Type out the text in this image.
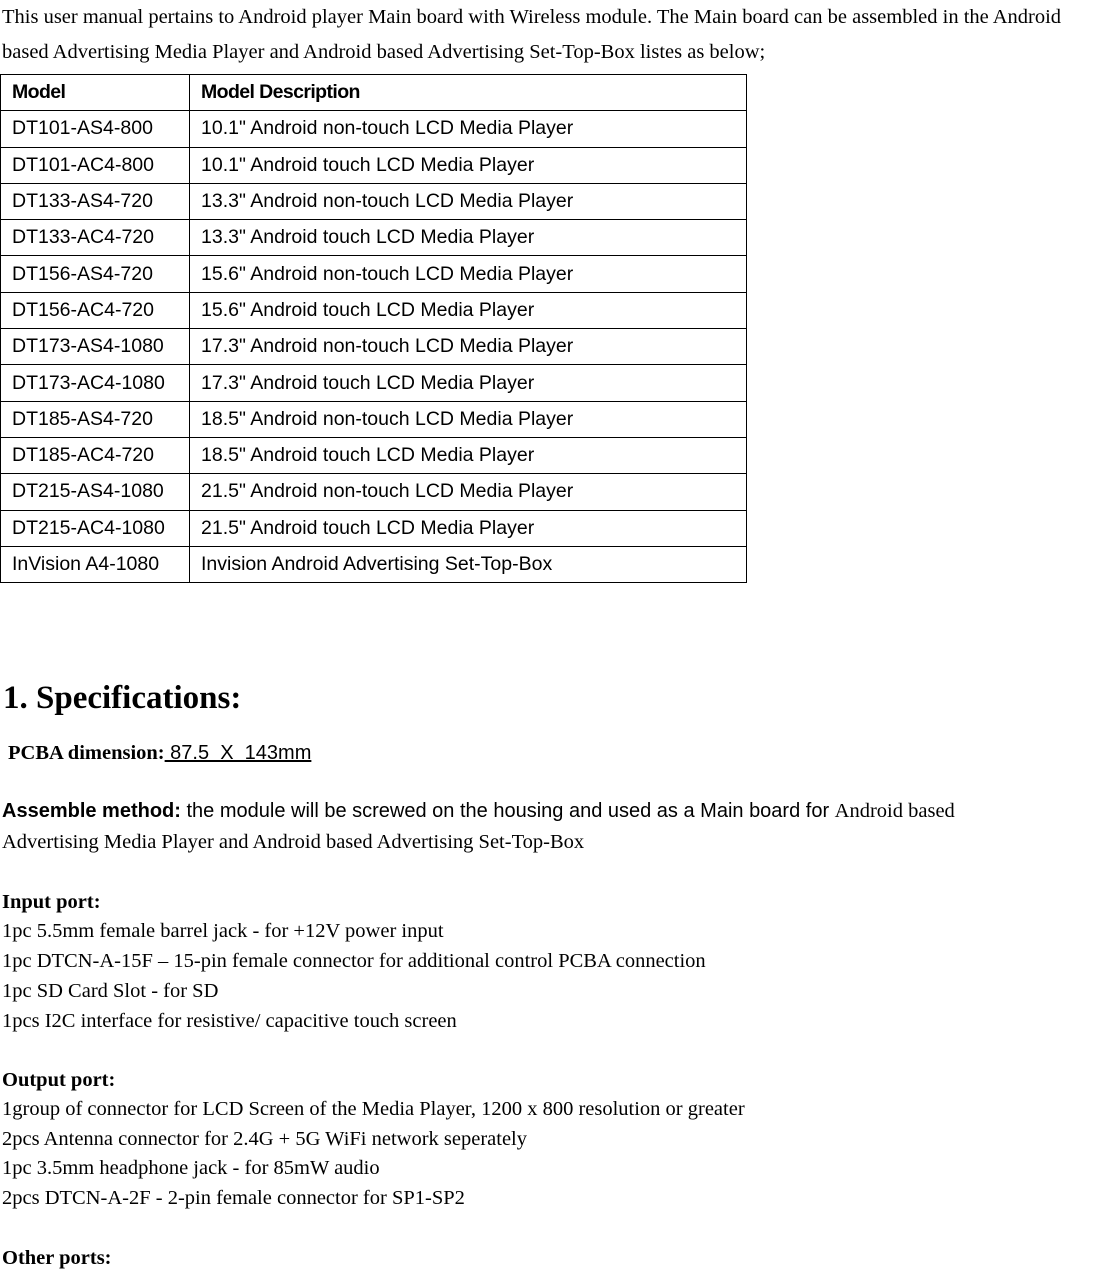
This user manual pertains to Android player Main board with Wireless module. The Main board can be assembled in the Android based Advertising Media Player and Android based Advertising Set-Top-Box listes as below;
Model	Model Description
DT101-AS4-800	10.1" Android non-touch LCD Media Player
DT101-AC4-800	10.1" Android touch LCD Media Player
DT133-AS4-720	13.3" Android non-touch LCD Media Player
DT133-AC4-720	13.3" Android touch LCD Media Player
DT156-AS4-720	15.6" Android non-touch LCD Media Player
DT156-AC4-720	15.6" Android touch LCD Media Player
DT173-AS4-1080	17.3" Android non-touch LCD Media Player
DT173-AC4-1080	17.3" Android touch LCD Media Player
DT185-AS4-720	18.5" Android non-touch LCD Media Player
DT185-AC4-720	18.5" Android touch LCD Media Player
DT215-AS4-1080	21.5" Android non-touch LCD Media Player
DT215-AC4-1080	21.5" Android touch LCD Media Player
InVision A4-1080	Invision Android Advertising Set-Top-Box
1. Specifications:
PCBA dimension: 87.5  X  143mm
Assemble method: the module will be screwed on the housing and used as a Main board for Android based
Advertising Media Player and Android based Advertising Set-Top-Box
Input port:
1pc 5.5mm female barrel jack - for +12V power input
1pc DTCN-A-15F – 15-pin female connector for additional control PCBA connection
1pc SD Card Slot - for SD
1pcs I2C interface for resistive/ capacitive touch screen
Output port:
1group of connector for LCD Screen of the Media Player, 1200 x 800 resolution or greater
2pcs Antenna connector for 2.4G + 5G WiFi network seperately
1pc 3.5mm headphone jack - for 85mW audio
2pcs DTCN-A-2F - 2-pin female connector for SP1-SP2
Other ports:
